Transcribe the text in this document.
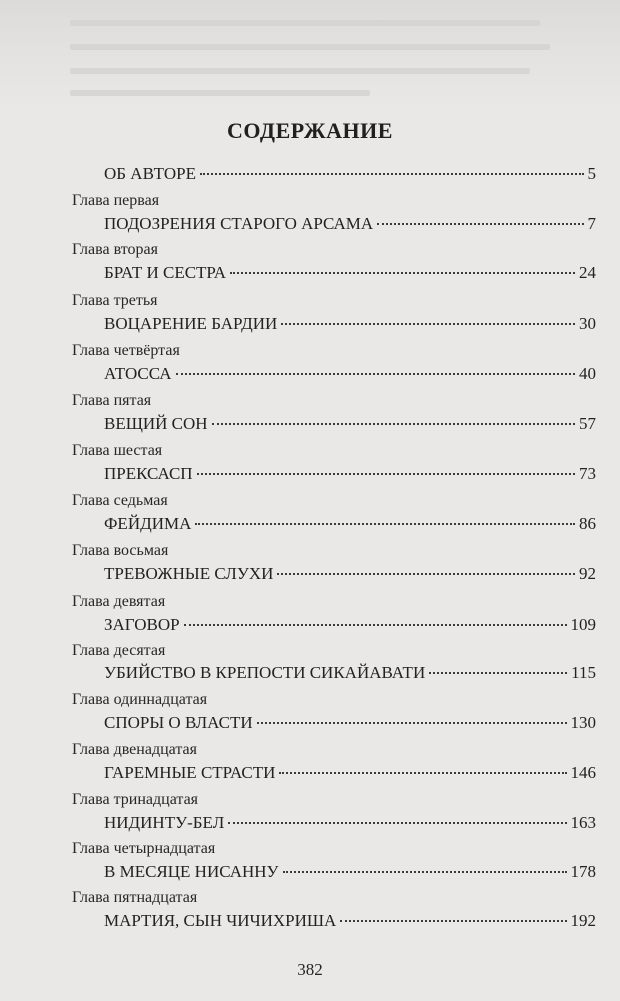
СОДЕРЖАНИЕ
ОБ АВТОРЕ	5
Глава первая
ПОДОЗРЕНИЯ СТАРОГО АРСАМА	7
Глава вторая
БРАТ И СЕСТРА	24
Глава третья
ВОЦАРЕНИЕ БАРДИИ	30
Глава четвёртая
АТОССА	40
Глава пятая
ВЕЩИЙ СОН	57
Глава шестая
ПРЕКСАСП	73
Глава седьмая
ФЕЙДИМА	86
Глава восьмая
ТРЕВОЖНЫЕ СЛУХИ	92
Глава девятая
ЗАГОВОР	109
Глава десятая
УБИЙСТВО В КРЕПОСТИ СИКАЙАВАТИ	115
Глава одиннадцатая
СПОРЫ О ВЛАСТИ	130
Глава двенадцатая
ГАРЕМНЫЕ СТРАСТИ	146
Глава тринадцатая
НИДИНТУ-БЕЛ	163
Глава четырнадцатая
В МЕСЯЦЕ НИСАННУ	178
Глава пятнадцатая
МАРТИЯ, СЫН ЧИЧИХРИША	192
382
